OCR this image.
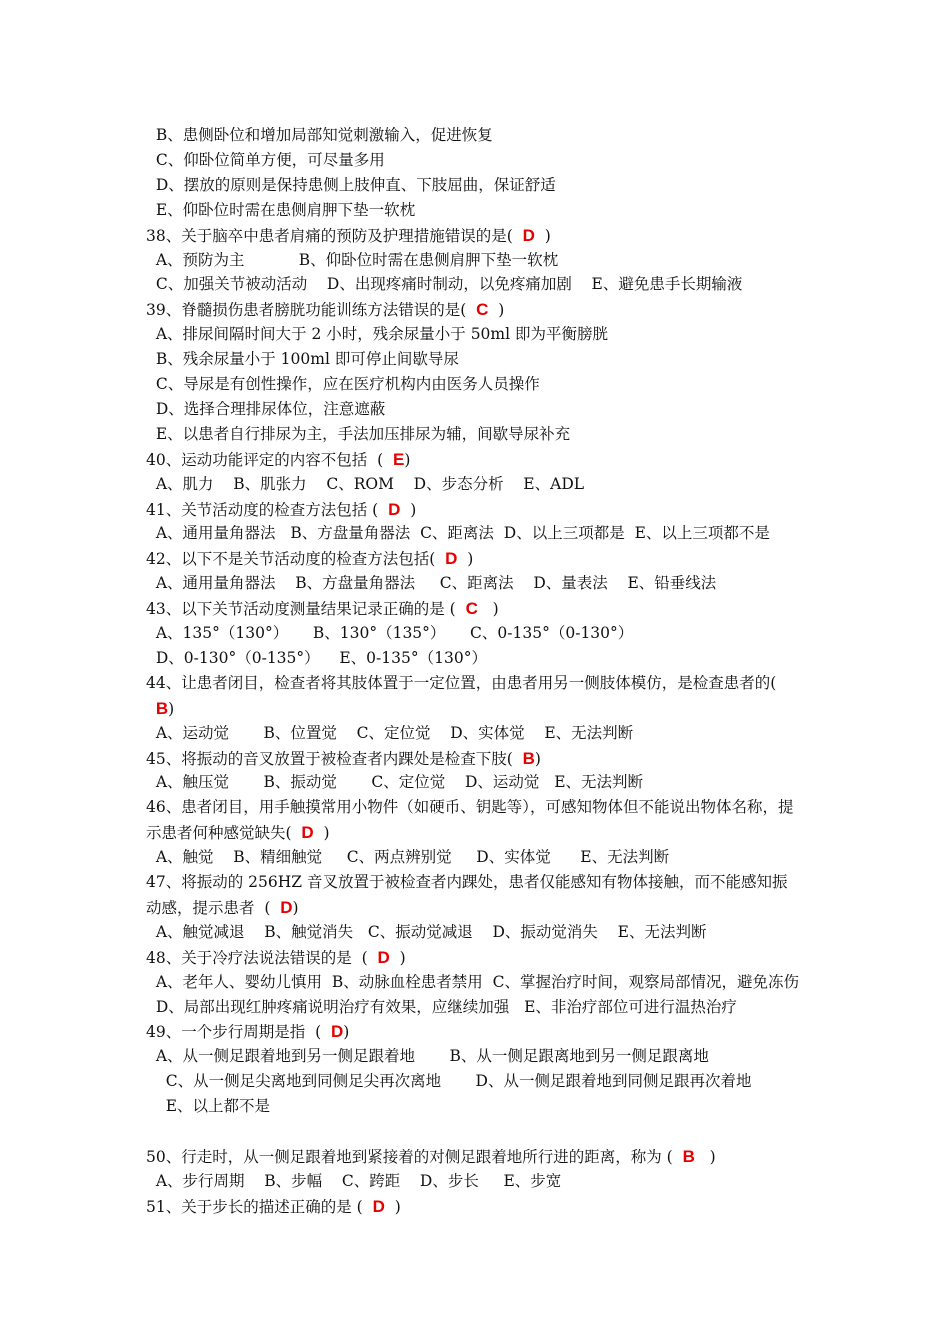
B、患侧卧位和增加局部知觉刺激输入，促进恢复

C、仰卧位简单方便，可尽量多用

D、摆放的原则是保持患侧上肢伸直、下肢屈曲，保证舒适

E、仰卧位时需在患侧肩胛下垫一软枕

38、关于脑卒中患者肩痛的预防及护理措施错误的是(  D  )

A、预防为主           B、仰卧位时需在患侧肩胛下垫一软枕

C、加强关节被动活动    D、出现疼痛时制动，以免疼痛加剧    E、避免患手长期输液

39、脊髓损伤患者膀胱功能训练方法错误的是(  C  )

A、排尿间隔时间大于 2 小时，残余尿量小于 50ml 即为平衡膀胱

B、残余尿量小于 100ml 即可停止间歇导尿

C、导尿是有创性操作，应在医疗机构内由医务人员操作

D、选择合理排尿体位，注意遮蔽

E、以患者自行排尿为主，手法加压排尿为辅，间歇导尿补充

40、运动功能评定的内容不包括  (  E)

A、肌力    B、肌张力    C、ROM    D、步态分析    E、ADL

41、关节活动度的检查方法包括 (  D  )

A、通用量角器法   B、方盘量角器法  C、距离法  D、以上三项都是  E、以上三项都不是

42、以下不是关节活动度的检查方法包括(  D  )

A、通用量角器法    B、方盘量角器法     C、距离法    D、量表法    E、铅垂线法

43、以下关节活动度测量结果记录正确的是 (  C   )

A、135°（130°）     B、130°（135°）     C、0-135°（0-130°）

D、0-130°（0-135°）    E、0-135°（130°）

44、让患者闭目，检查者将其肢体置于一定位置，由患者用另一侧肢体模仿，是检查患者的(

B)

A、运动觉       B、位置觉    C、定位觉    D、实体觉    E、无法判断

45、将振动的音叉放置于被检查者内踝处是检查下肢(  B)

A、触压觉       B、振动觉       C、定位觉    D、运动觉   E、无法判断

46、患者闭目，用手触摸常用小物件（如硬币、钥匙等），可感知物体但不能说出物体名称，提

示患者何种感觉缺失(  D  )

A、触觉    B、精细触觉     C、两点辨别觉     D、实体觉      E、无法判断

47、将振动的 256HZ 音叉放置于被检查者内踝处，患者仅能感知有物体接触，而不能感知振

动感，提示患者  (  D)

A、触觉减退    B、触觉消失   C、振动觉减退    D、振动觉消失    E、无法判断

48、关于冷疗法说法错误的是  (  D  )

A、老年人、婴幼儿慎用  B、动脉血栓患者禁用  C、掌握治疗时间，观察局部情况，避免冻伤

D、局部出现红肿疼痛说明治疗有效果，应继续加强   E、非治疗部位可进行温热治疗

49、一个步行周期是指  (  D)

A、从一侧足跟着地到另一侧足跟着地       B、从一侧足跟离地到另一侧足跟离地

C、从一侧足尖离地到同侧足尖再次离地       D、从一侧足跟着地到同侧足跟再次着地

E、以上都不是

50、行走时，从一侧足跟着地到紧接着的对侧足跟着地所行进的距离，称为 (  B   )

A、步行周期    B、步幅    C、跨距    D、步长     E、步宽

51、关于步长的描述正确的是 (  D  )
